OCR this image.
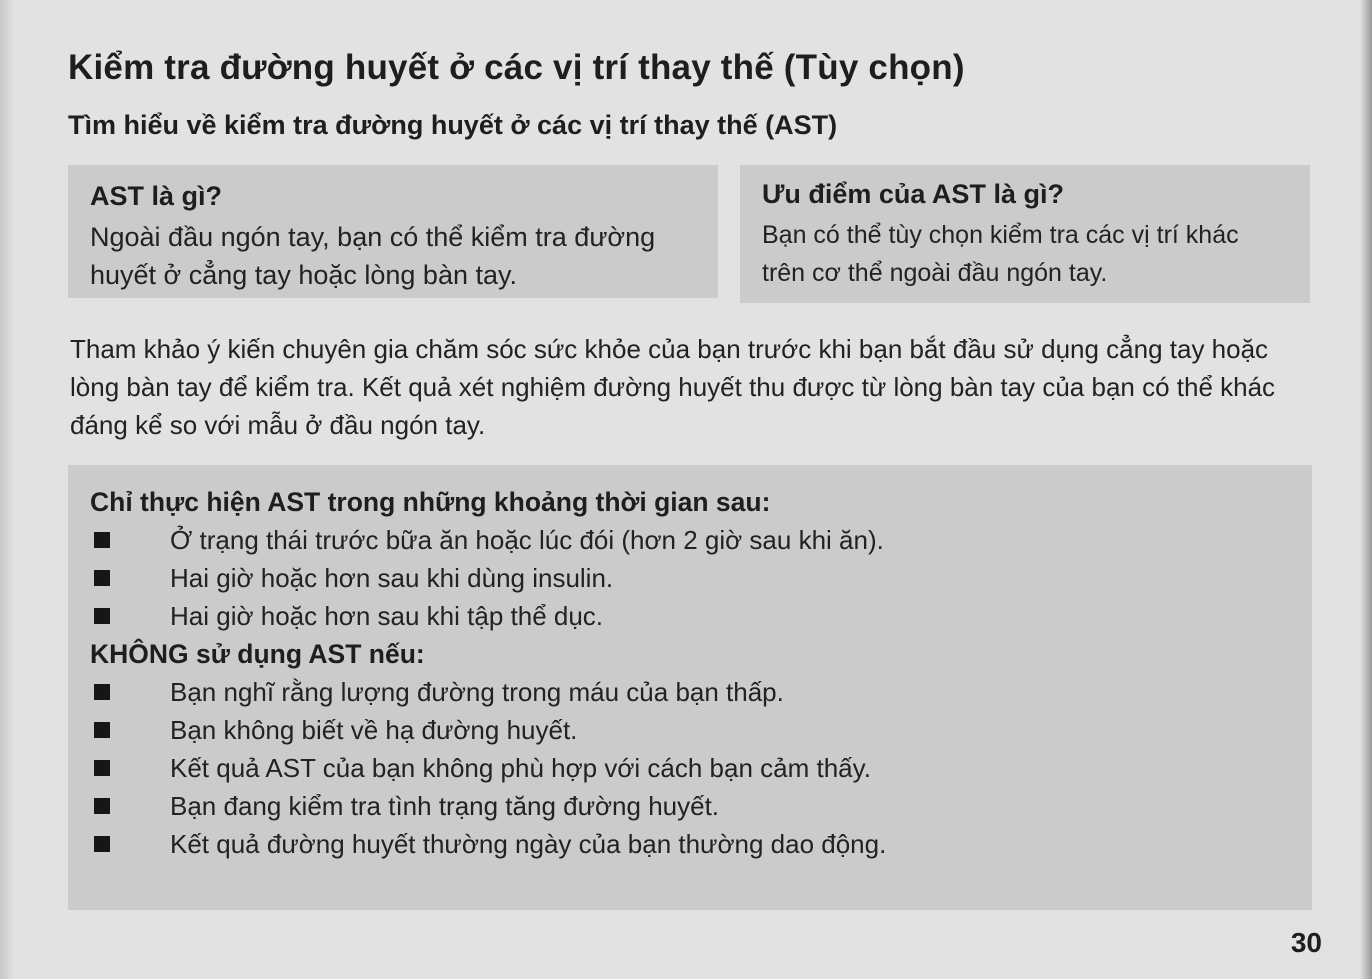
Kiểm tra đường huyết ở các vị trí thay thế (Tùy chọn)
Tìm hiểu về kiểm tra đường huyết ở các vị trí thay thế (AST)

AST là gì?

Ngoài đầu ngón tay, bạn có thể kiểm tra đường huyết ở cẳng tay hoặc lòng bàn tay.

Ưu điểm của AST là gì?

Bạn có thể tùy chọn kiểm tra các vị trí khác trên cơ thể ngoài đầu ngón tay.

Tham khảo ý kiến chuyên gia chăm sóc sức khỏe của bạn trước khi bạn bắt đầu sử dụng cẳng tay hoặc lòng bàn tay để kiểm tra. Kết quả xét nghiệm đường huyết thu được từ lòng bàn tay của bạn có thể khác đáng kể so với mẫu ở đầu ngón tay.

Chỉ thực hiện AST trong những khoảng thời gian sau:

Ở trạng thái trước bữa ăn hoặc lúc đói (hơn 2 giờ sau khi ăn).
Hai giờ hoặc hơn sau khi dùng insulin.
Hai giờ hoặc hơn sau khi tập thể dục.

KHÔNG sử dụng AST nếu:

Bạn nghĩ rằng lượng đường trong máu của bạn thấp.
Bạn không biết về hạ đường huyết.
Kết quả AST của bạn không phù hợp với cách bạn cảm thấy.
Bạn đang kiểm tra tình trạng tăng đường huyết.
Kết quả đường huyết thường ngày của bạn thường dao động.
30
